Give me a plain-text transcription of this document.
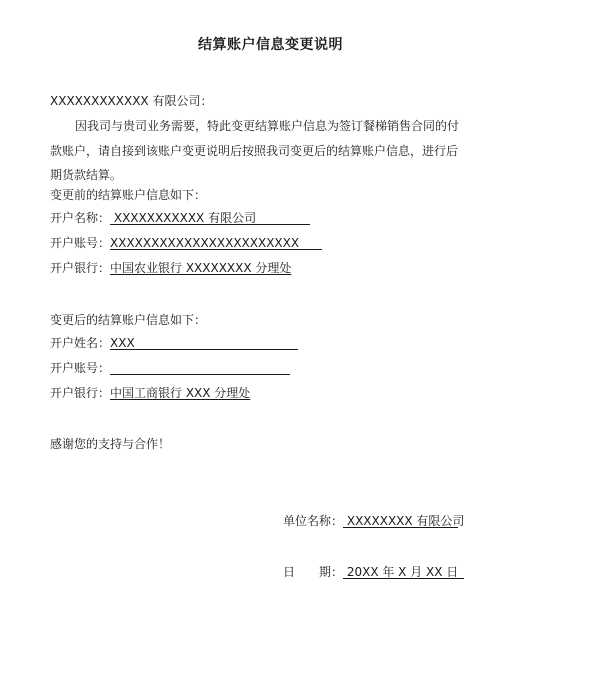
结算账户信息变更说明
XXXXXXXXXXXX 有限公司：
因我司与贵司业务需要，特此变更结算账户信息为签订餐梯销售合同的付
款账户，请自接到该账户变更说明后按照我司变更后的结算账户信息，进行后
期货款结算。
变更前的结算账户信息如下：
开户名称： XXXXXXXXXXX 有限公司
开户账号：XXXXXXXXXXXXXXXXXXXXXXX
开户银行：中国农业银行 XXXXXXXX 分理处
变更后的结算账户信息如下：
开户姓名：XXX
开户账号：
开户银行：中国工商银行 XXX 分理处
感谢您的支持与合作！
单位名称： XXXXXXXX 有限公司
日　　期： 20XX 年 X 月 XX 日
